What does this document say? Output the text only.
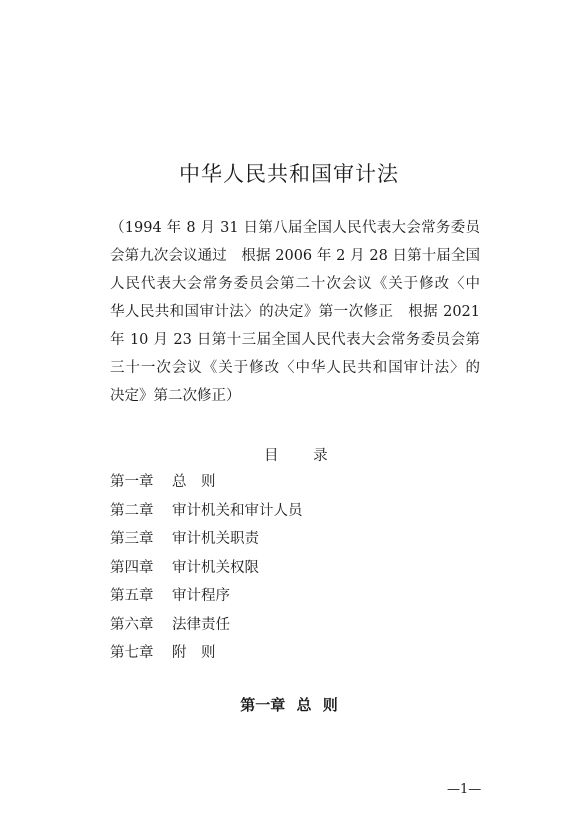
中华人民共和国审计法
（1994 年 8 月 31 日第八届全国人民代表大会常务委员
会第九次会议通过　根据 2006 年 2 月 28 日第十届全国
人民代表大会常务委员会第二十次会议《关于修改〈中
华人民共和国审计法〉的决定》第一次修正　根据 2021
年 10 月 23 日第十三届全国人民代表大会常务委员会第
三十一次会议《关于修改〈中华人民共和国审计法〉的
决定》第二次修正）
目 录
第一章 总　则
第二章 审计机关和审计人员
第三章 审计机关职责
第四章 审计机关权限
第五章 审计程序
第六章 法律责任
第七章 附　则
第一章 总 则
—1—
